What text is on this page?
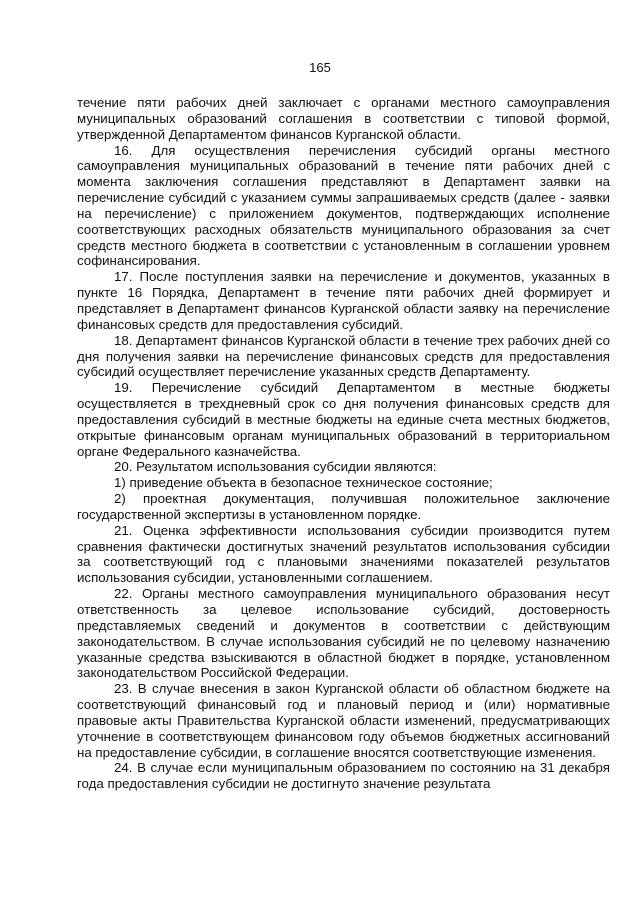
165

течение пяти рабочих дней заключает с органами местного самоуправления муниципальных образований соглашения в соответствии с типовой формой, утвержденной Департаментом финансов Курганской области.

16. Для осуществления перечисления субсидий органы местного самоуправления муниципальных образований в течение пяти рабочих дней с момента заключения соглашения представляют в Департамент заявки на перечисление субсидий с указанием суммы запрашиваемых средств (далее - заявки на перечисление) с приложением документов, подтверждающих исполнение соответствующих расходных обязательств муниципального образования за счет средств местного бюджета в соответствии с установленным в соглашении уровнем софинансирования.

17. После поступления заявки на перечисление и документов, указанных в пункте 16 Порядка, Департамент в течение пяти рабочих дней формирует и представляет в Департамент финансов Курганской области заявку на перечисление финансовых средств для предоставления субсидий.

18. Департамент финансов Курганской области в течение трех рабочих дней со дня получения заявки на перечисление финансовых средств для предоставления субсидий осуществляет перечисление указанных средств Департаменту.

19. Перечисление субсидий Департаментом в местные бюджеты осуществляется в трехдневный срок со дня получения финансовых средств для предоставления субсидий в местные бюджеты на единые счета местных бюджетов, открытые финансовым органам муниципальных образований в территориальном органе Федерального казначейства.

20. Результатом использования субсидии являются:

1) приведение объекта в безопасное техническое состояние;

2) проектная документация, получившая положительное заключение государственной экспертизы в установленном порядке.

21. Оценка эффективности использования субсидии производится путем сравнения фактически достигнутых значений результатов использования субсидии за соответствующий год с плановыми значениями показателей результатов использования субсидии, установленными соглашением.

22. Органы местного самоуправления муниципального образования несут ответственность за целевое использование субсидий, достоверность представляемых сведений и документов в соответствии с действующим законодательством. В случае использования субсидий не по целевому назначению указанные средства взыскиваются в областной бюджет в порядке, установленном законодательством Российской Федерации.

23. В случае внесения в закон Курганской области об областном бюджете на соответствующий финансовый год и плановый период и (или) нормативные правовые акты Правительства Курганской области изменений, предусматривающих уточнение в соответствующем финансовом году объемов бюджетных ассигнований на предоставление субсидии, в соглашение вносятся соответствующие изменения.

24. В случае если муниципальным образованием по состоянию на 31 декабря года предоставления субсидии не достигнуто значение результата
